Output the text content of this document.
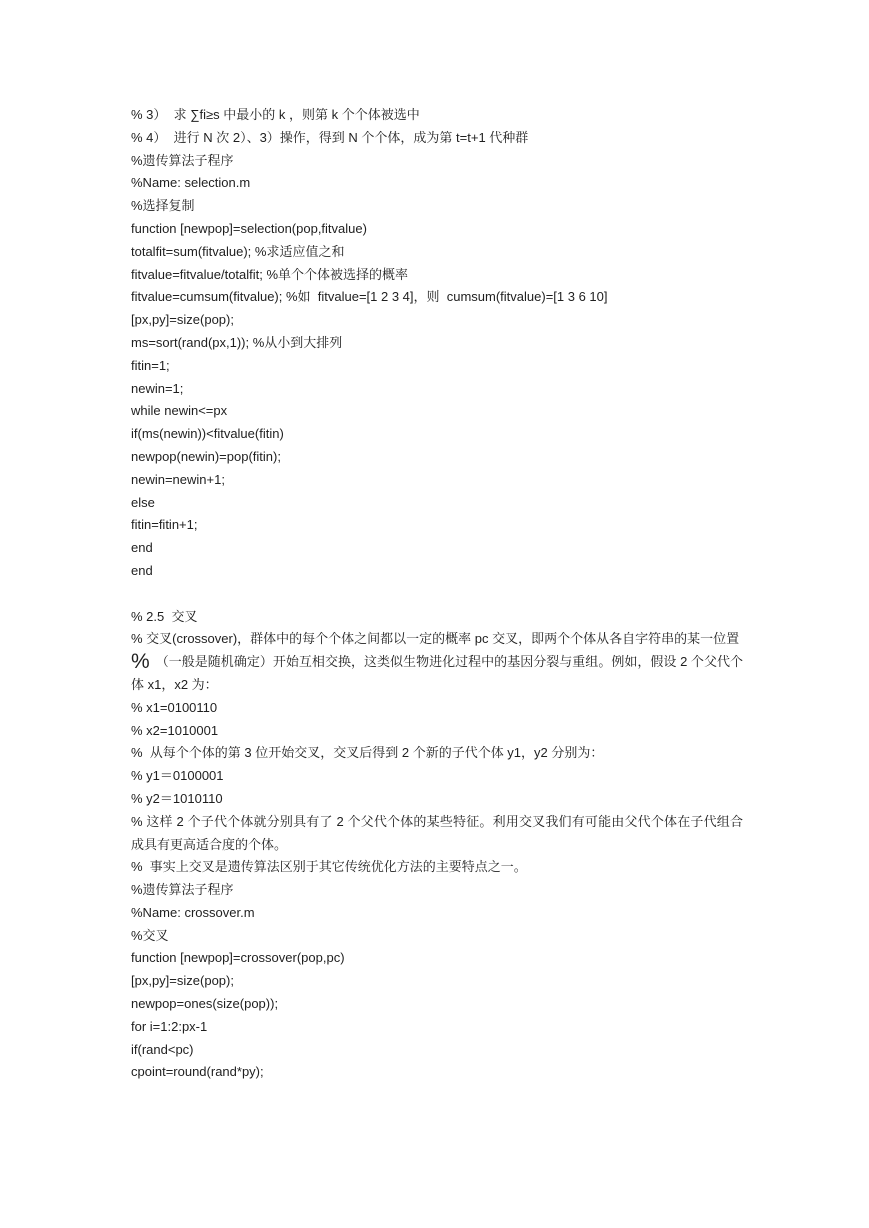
% 3）  求 ∑fi≥s 中最小的 k ，则第 k 个个体被选中
% 4）  进行 N 次 2）、3）操作，得到 N 个个体，成为第 t=t+1 代种群
%遗传算法子程序
%Name: selection.m
%选择复制
function [newpop]=selection(pop,fitvalue)
totalfit=sum(fitvalue); %求适应值之和
fitvalue=fitvalue/totalfit; %单个个体被选择的概率
fitvalue=cumsum(fitvalue); %如  fitvalue=[1 2 3 4]，则  cumsum(fitvalue)=[1 3 6 10]
[px,py]=size(pop);
ms=sort(rand(px,1)); %从小到大排列
fitin=1;
newin=1;
while newin<=px
if(ms(newin))<fitvalue(fitin)
newpop(newin)=pop(fitin);
newin=newin+1;
else
fitin=fitin+1;
end
end
% 2.5  交叉
% 交叉(crossover)，群体中的每个个体之间都以一定的概率 pc 交叉，即两个个体从各自字符串的某一位置
% （一般是随机确定）开始互相交换，这类似生物进化过程中的基因分裂与重组。例如，假设 2 个父代个体 x1，x2 为：
% x1=0100110
% x2=1010001
%  从每个个体的第 3 位开始交叉，交叉后得到 2 个新的子代个体 y1，y2 分别为：
% y1＝0100001
% y2＝1010110
% 这样 2 个子代个体就分别具有了 2 个父代个体的某些特征。利用交叉我们有可能由父代个体在子代组合成具有更高适合度的个体。
%  事实上交叉是遗传算法区别于其它传统优化方法的主要特点之一。
%遗传算法子程序
%Name: crossover.m
%交叉
function [newpop]=crossover(pop,pc)
[px,py]=size(pop);
newpop=ones(size(pop));
for i=1:2:px-1
if(rand<pc)
cpoint=round(rand*py);
